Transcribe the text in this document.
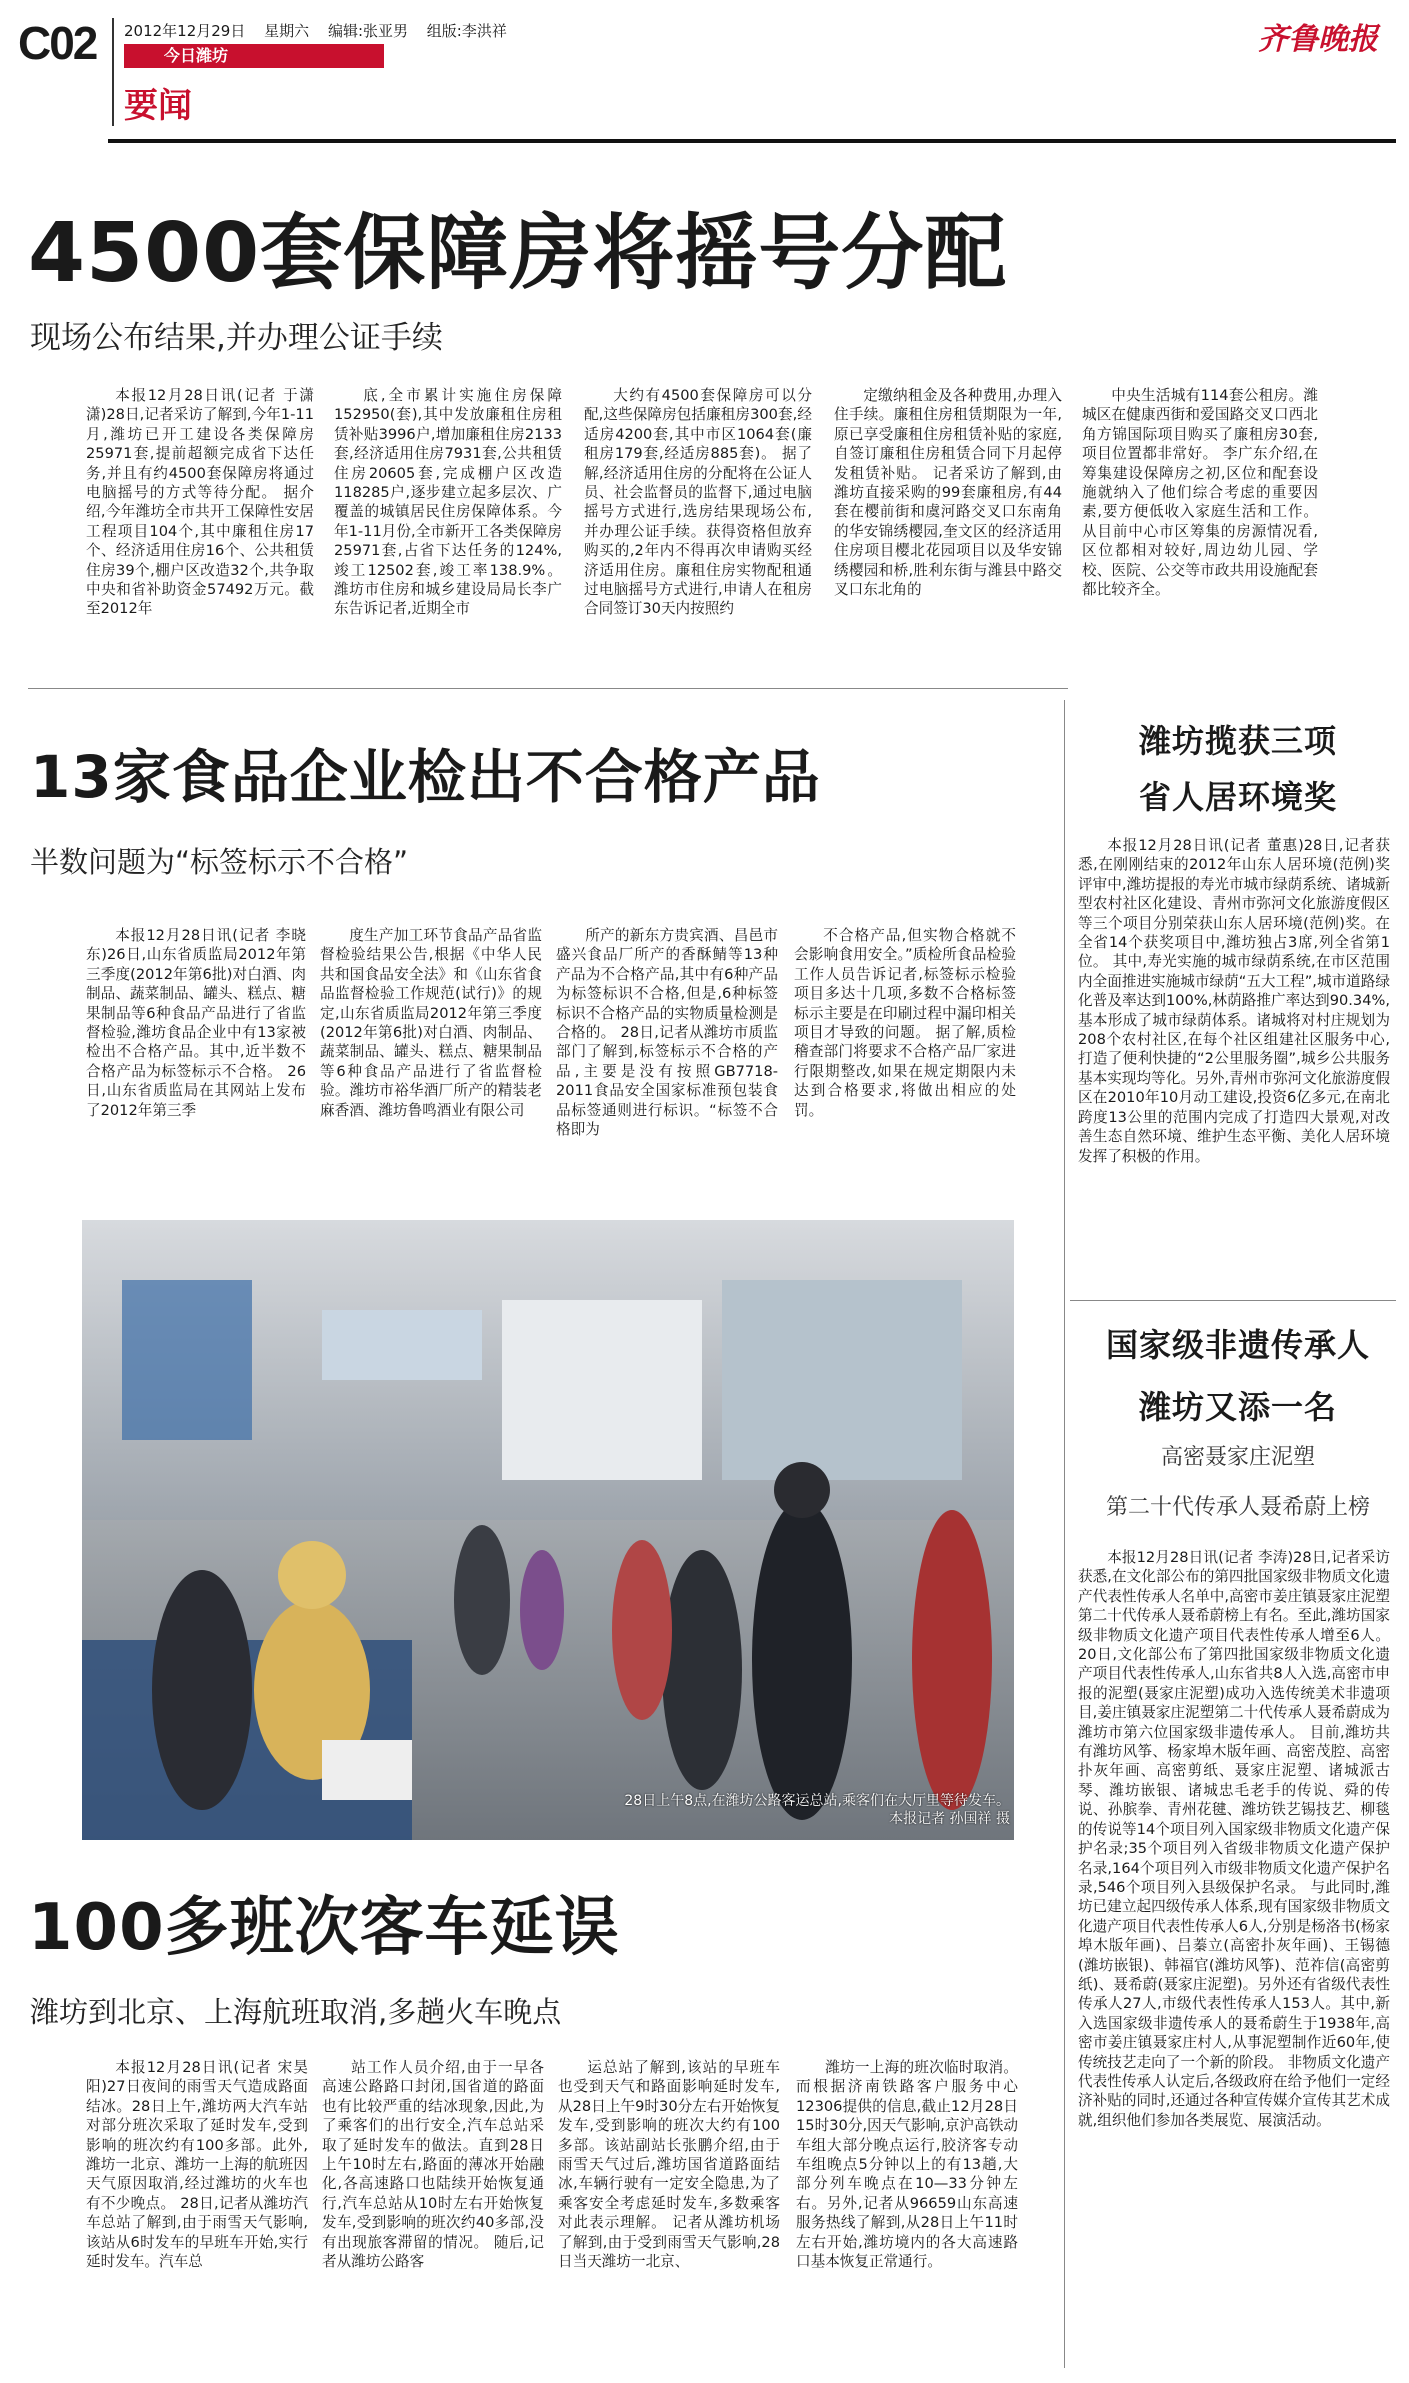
C02 2012年12月29日 星期六 编辑:张亚男 组版:李洪祥
今日潍坊
要闻
齐鲁晚报
4500套保障房将摇号分配
现场公布结果,并办理公证手续
本报12月28日讯(记者 于潇潇)28日,记者采访了解到,今年1-11月,潍坊已开工建设各类保障房25971套,提前超额完成省下达任务,并且有约4500套保障房将通过电脑摇号的方式等待分配。 据介绍,今年潍坊全市共开工保障性安居工程项目104个,其中廉租住房17个、经济适用住房16个、公共租赁住房39个,棚户区改造32个,共争取中央和省补助资金57492万元。截至2012年
底,全市累计实施住房保障152950(套),其中发放廉租住房租赁补贴3996户,增加廉租住房2133套,经济适用住房7931套,公共租赁住房20605套,完成棚户区改造118285户,逐步建立起多层次、广覆盖的城镇居民住房保障体系。今年1-11月份,全市新开工各类保障房25971套,占省下达任务的124%,竣工12502套,竣工率138.9%。 潍坊市住房和城乡建设局局长李广东告诉记者,近期全市
大约有4500套保障房可以分配,这些保障房包括廉租房300套,经适房4200套,其中市区1064套(廉租房179套,经适房885套)。 据了解,经济适用住房的分配将在公证人员、社会监督员的监督下,通过电脑摇号方式进行,选房结果现场公布,并办理公证手续。获得资格但放弃购买的,2年内不得再次申请购买经济适用住房。廉租住房实物配租通过电脑摇号方式进行,申请人在租房合同签订30天内按照约
定缴纳租金及各种费用,办理入住手续。廉租住房租赁期限为一年,原已享受廉租住房租赁补贴的家庭,自签订廉租住房租赁合同下月起停发租赁补贴。 记者采访了解到,由潍坊直接采购的99套廉租房,有44套在樱前街和虞河路交叉口东南角的华安锦绣樱园,奎文区的经济适用住房项目樱北花园项目以及华安锦绣樱园和桥,胜利东街与潍县中路交叉口东北角的
中央生活城有114套公租房。潍城区在健康西街和爱国路交叉口西北角方锦国际项目购买了廉租房30套,项目位置都非常好。 李广东介绍,在筹集建设保障房之初,区位和配套设施就纳入了他们综合考虑的重要因素,要方便低收入家庭生活和工作。从目前中心市区筹集的房源情况看,区位都相对较好,周边幼儿园、学校、医院、公交等市政共用设施配套都比较齐全。
13家食品企业检出不合格产品
半数问题为“标签标示不合格”
本报12月28日讯(记者 李晓东)26日,山东省质监局2012年第三季度(2012年第6批)对白酒、肉制品、蔬菜制品、罐头、糕点、糖果制品等6种食品产品进行了省监督检验,潍坊食品企业中有13家被检出不合格产品。其中,近半数不合格产品为标签标示不合格。 26日,山东省质监局在其网站上发布了2012年第三季
度生产加工环节食品产品省监督检验结果公告,根据《中华人民共和国食品安全法》和《山东省食品监督检验工作规范(试行)》的规定,山东省质监局2012年第三季度(2012年第6批)对白酒、肉制品、蔬菜制品、罐头、糕点、糖果制品等6种食品产品进行了省监督检验。潍坊市裕华酒厂所产的精装老麻香酒、潍坊鲁鸣酒业有限公司
所产的新东方贵宾酒、昌邑市盛兴食品厂所产的香酥鲭等13种产品为不合格产品,其中有6种产品为标签标识不合格,但是,6种标签标识不合格产品的实物质量检测是合格的。 28日,记者从潍坊市质监部门了解到,标签标示不合格的产品,主要是没有按照GB7718-2011食品安全国家标准预包装食品标签通则进行标识。“标签不合格即为
不合格产品,但实物合格就不会影响食用安全。”质检所食品检验工作人员告诉记者,标签标示检验项目多达十几项,多数不合格标签标示主要是在印刷过程中漏印相关项目才导致的问题。 据了解,质检稽查部门将要求不合格产品厂家进行限期整改,如果在规定期限内未达到合格要求,将做出相应的处罚。
28日上午8点,在潍坊公路客运总站,乘客们在大厅里等待发车。
本报记者 孙国祥 摄
100多班次客车延误
潍坊到北京、上海航班取消,多趟火车晚点
本报12月28日讯(记者 宋昊阳)27日夜间的雨雪天气造成路面结冰。28日上午,潍坊两大汽车站对部分班次采取了延时发车,受到影响的班次约有100多部。此外,潍坊一北京、潍坊一上海的航班因天气原因取消,经过潍坊的火车也有不少晚点。 28日,记者从潍坊汽车总站了解到,由于雨雪天气影响,该站从6时发车的早班车开始,实行延时发车。汽车总
站工作人员介绍,由于一早各高速公路路口封闭,国省道的路面也有比较严重的结冰现象,因此,为了乘客们的出行安全,汽车总站采取了延时发车的做法。直到28日上午10时左右,路面的薄冰开始融化,各高速路口也陆续开始恢复通行,汽车总站从10时左右开始恢复发车,受到影响的班次约40多部,没有出现旅客滞留的情况。 随后,记者从潍坊公路客
运总站了解到,该站的早班车也受到天气和路面影响延时发车,从28日上午9时30分左右开始恢复发车,受到影响的班次大约有100多部。该站副站长张鹏介绍,由于雨雪天气过后,潍坊国省道路面结冰,车辆行驶有一定安全隐患,为了乘客安全考虑延时发车,多数乘客对此表示理解。 记者从潍坊机场了解到,由于受到雨雪天气影响,28日当天潍坊一北京、
潍坊一上海的班次临时取消。而根据济南铁路客户服务中心12306提供的信息,截止12月28日15时30分,因天气影响,京沪高铁动车组大部分晚点运行,胶济客专动车组晚点5分钟以上的有13趟,大部分列车晚点在10—33分钟左右。另外,记者从96659山东高速服务热线了解到,从28日上午11时左右开始,潍坊境内的各大高速路口基本恢复正常通行。
潍坊揽获三项
省人居环境奖
本报12月28日讯(记者 董惠)28日,记者获悉,在刚刚结束的2012年山东人居环境(范例)奖评审中,潍坊提报的寿光市城市绿荫系统、诸城新型农村社区化建设、青州市弥河文化旅游度假区等三个项目分别荣获山东人居环境(范例)奖。在全省14个获奖项目中,潍坊独占3席,列全省第1位。 其中,寿光实施的城市绿荫系统,在市区范围内全面推进实施城市绿荫“五大工程”,城市道路绿化普及率达到100%,林荫路推广率达到90.34%,基本形成了城市绿荫体系。诸城将对村庄规划为208个农村社区,在每个社区组建社区服务中心,打造了便利快捷的“2公里服务圈”,城乡公共服务基本实现均等化。另外,青州市弥河文化旅游度假区在2010年10月动工建设,投资6亿多元,在南北跨度13公里的范围内完成了打造四大景观,对改善生态自然环境、维护生态平衡、美化人居环境发挥了积极的作用。
国家级非遗传承人
潍坊又添一名
高密聂家庄泥塑
第二十代传承人聂希蔚上榜
本报12月28日讯(记者 李涛)28日,记者采访获悉,在文化部公布的第四批国家级非物质文化遗产代表性传承人名单中,高密市姜庄镇聂家庄泥塑第二十代传承人聂希蔚榜上有名。至此,潍坊国家级非物质文化遗产项目代表性传承人增至6人。 20日,文化部公布了第四批国家级非物质文化遗产项目代表性传承人,山东省共8人入选,高密市申报的泥塑(聂家庄泥塑)成功入选传统美术非遗项目,姜庄镇聂家庄泥塑第二十代传承人聂希蔚成为潍坊市第六位国家级非遗传承人。 目前,潍坊共有潍坊风筝、杨家埠木版年画、高密茂腔、高密扑灰年画、高密剪纸、聂家庄泥塑、诸城派古琴、潍坊嵌银、诸城忠毛老手的传说、舜的传说、孙膑拳、青州花毽、潍坊铁艺锡技艺、柳毯的传说等14个项目列入国家级非物质文化遗产保护名录;35个项目列入省级非物质文化遗产保护名录,164个项目列入市级非物质文化遗产保护名录,546个项目列入县级保护名录。 与此同时,潍坊已建立起四级传承人体系,现有国家级非物质文化遗产项目代表性传承人6人,分别是杨洛书(杨家埠木版年画)、吕蓁立(高密扑灰年画)、王锡德(潍坊嵌银)、韩福官(潍坊风筝)、范祚信(高密剪纸)、聂希蔚(聂家庄泥塑)。另外还有省级代表性传承人27人,市级代表性传承人153人。其中,新入选国家级非遗传承人的聂希蔚生于1938年,高密市姜庄镇聂家庄村人,从事泥塑制作近60年,使传统技艺走向了一个新的阶段。 非物质文化遗产代表性传承人认定后,各级政府在给予他们一定经济补贴的同时,还通过各种宣传媒介宣传其艺术成就,组织他们参加各类展览、展演活动。
